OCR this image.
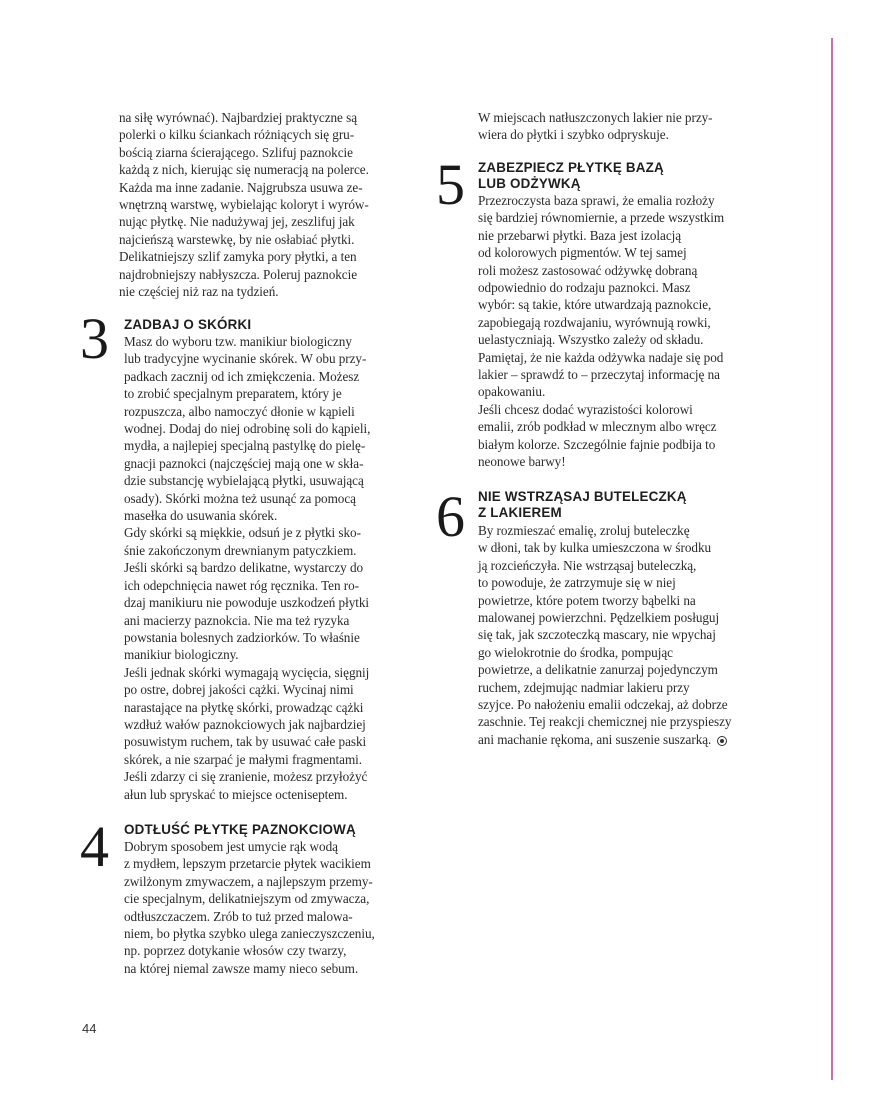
na siłę wyrównać). Najbardziej praktyczne są
polerki o kilku ściankach różniących się gru-
bością ziarna ścierającego. Szlifuj paznokcie
każdą z nich, kierując się numeracją na polerce.
Każda ma inne zadanie. Najgrubsza usuwa ze-
wnętrzną warstwę, wybielając koloryt i wyrów-
nując płytkę. Nie nadużywaj jej, zeszlifuj jak
najcieńszą warstewkę, by nie osłabiać płytki.
Delikatniejszy szlif zamyka pory płytki, a ten
najdrobniejszy nabłyszcza. Poleruj paznokcie
nie częściej niż raz na tydzień.

3 ZADBAJ O SKÓRKI

Masz do wyboru tzw. manikiur biologiczny
lub tradycyjne wycinanie skórek. W obu przy-
padkach zacznij od ich zmiękczenia. Możesz
to zrobić specjalnym preparatem, który je
rozpuszcza, albo namoczyć dłonie w kąpieli
wodnej. Dodaj do niej odrobinę soli do kąpieli,
mydła, a najlepiej specjalną pastylkę do pielę-
gnacji paznokci (najczęściej mają one w skła-
dzie substancję wybielającą płytki, usuwającą
osady). Skórki można też usunąć za pomocą
masełka do usuwania skórek.
Gdy skórki są miękkie, odsuń je z płytki sko-
śnie zakończonym drewnianym patyczkiem.
Jeśli skórki są bardzo delikatne, wystarczy do
ich odepchnięcia nawet róg ręcznika. Ten ro-
dzaj manikiuru nie powoduje uszkodzeń płytki
ani macierzy paznokcia. Nie ma też ryzyka
powstania bolesnych zadziorków. To właśnie
manikiur biologiczny.
Jeśli jednak skórki wymagają wycięcia, sięgnij
po ostre, dobrej jakości cążki. Wycinaj nimi
narastające na płytkę skórki, prowadząc cążki
wzdłuż wałów paznokciowych jak najbardziej
posuwistym ruchem, tak by usuwać całe paski
skórek, a nie szarpać je małymi fragmentami.
Jeśli zdarzy ci się zranienie, możesz przyłożyć
ałun lub spryskać to miejsce octeniseptem.

4 ODTŁUŚĆ PŁYTKĘ PAZNOKCIOWĄ

Dobrym sposobem jest umycie rąk wodą
z mydłem, lepszym przetarcie płytek wacikiem
zwilżonym zmywaczem, a najlepszym przemy-
cie specjalnym, delikatniejszym od zmywacza,
odtłuszczaczem. Zrób to tuż przed malowa-
niem, bo płytka szybko ulega zanieczyszczeniu,
np. poprzez dotykanie włosów czy twarzy,
na której niemal zawsze mamy nieco sebum.

W miejscach natłuszczonych lakier nie przy-
wiera do płytki i szybko odpryskuje.

5 ZABEZPIECZ PŁYTKĘ BAZĄ
LUB ODŻYWKĄ

Przezroczysta baza sprawi, że emalia rozłoży
się bardziej równomiernie, a przede wszystkim
nie przebarwi płytki. Baza jest izolacją
od kolorowych pigmentów. W tej samej
roli możesz zastosować odżywkę dobraną
odpowiednio do rodzaju paznokci. Masz
wybór: są takie, które utwardzają paznokcie,
zapobiegają rozdwajaniu, wyrównują rowki,
uelastyczniają. Wszystko zależy od składu.
Pamiętaj, że nie każda odżywka nadaje się pod
lakier – sprawdź to – przeczytaj informację na
opakowaniu.
Jeśli chcesz dodać wyrazistości kolorowi
emalii, zrób podkład w mlecznym albo wręcz
białym kolorze. Szczególnie fajnie podbija to
neonowe barwy!

6 NIE WSTRZĄSAJ BUTELECZKĄ
Z LAKIEREM

By rozmieszać emalię, zroluj buteleczkę
w dłoni, tak by kulka umieszczona w środku
ją rozcieńczyła. Nie wstrząsaj buteleczką,
to powoduje, że zatrzymuje się w niej
powietrze, które potem tworzy bąbelki na
malowanej powierzchni. Pędzelkiem posługuj
się tak, jak szczoteczką mascary, nie wpychaj
go wielokrotnie do środka, pompując
powietrze, a delikatnie zanurzaj pojedynczym
ruchem, zdejmując nadmiar lakieru przy
szyjce. Po nałożeniu emalii odczekaj, aż dobrze
zaschnie. Tej reakcji chemicznej nie przyspieszy
ani machanie rękoma, ani suszenie suszarką.

44
